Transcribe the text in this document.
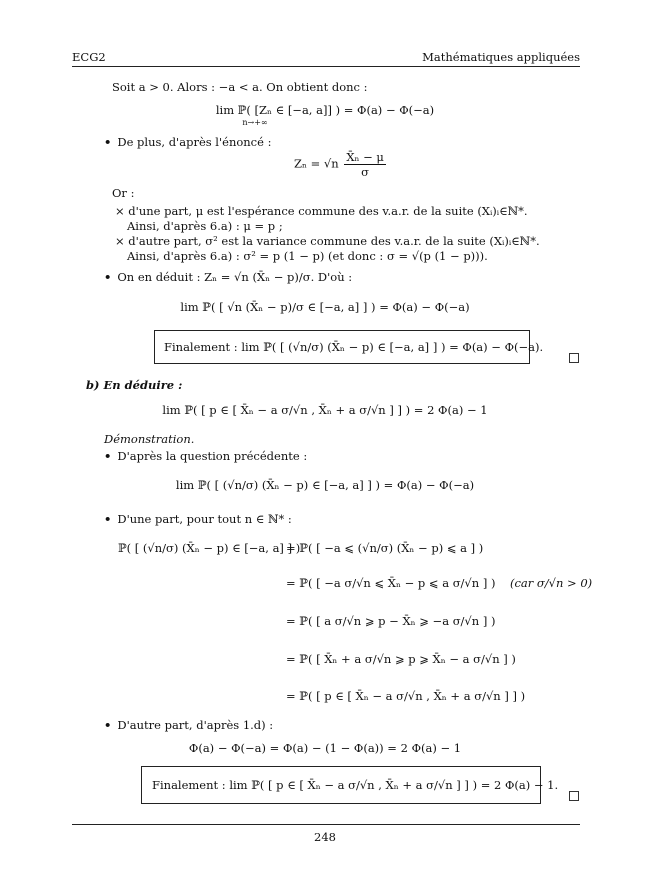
ECG2	Mathématiques appliquées
Soit a > 0. Alors : −a < a. On obtient donc :
lim ℙ( [Zₙ ∈ [−a, a]] ) = Φ(a) − Φ(−a)
n→+∞
• De plus, d'après l'énoncé :
$Z_n = √n \frac{\text{X̄ₙ − μ}}{\sigma}$
Or :
× d'une part, μ est l'espérance commune des v.a.r. de la suite (Xᵢ)ᵢ∈ℕ*.
Ainsi, d'après 6.a) : μ = p ;
× d'autre part, σ² est la variance commune des v.a.r. de la suite (Xᵢ)ᵢ∈ℕ*.
Ainsi, d'après 6.a) : σ² = p (1 − p) (et donc : σ = √(p (1 − p))).
• On en déduit : Zₙ = √n (X̄ₙ − p)/σ. D'où :
lim ℙ( [ √n (X̄ₙ − p)/σ ∈ [−a, a] ] ) = Φ(a) − Φ(−a)
Finalement : lim ℙ( [ (√n/σ) (X̄ₙ − p) ∈ [−a, a] ] ) = Φ(a) − Φ(−a).
b) En déduire :
lim ℙ( [ p ∈ [ X̄ₙ − a σ/√n , X̄ₙ + a σ/√n ] ] ) = 2 Φ(a) − 1
Démonstration.
• D'après la question précédente :
lim ℙ( [ (√n/σ) (X̄ₙ − p) ∈ [−a, a] ] ) = Φ(a) − Φ(−a)
• D'une part, pour tout n ∈ ℕ* :
ℙ( [ (√n/σ) (X̄ₙ − p) ∈ [−a, a] ] )
= ℙ( [ −a ⩽ (√n/σ) (X̄ₙ − p) ⩽ a ] )
= ℙ( [ −a σ/√n ⩽ X̄ₙ − p ⩽ a σ/√n ] ) (car σ/√n > 0)
= ℙ( [ a σ/√n ⩾ p − X̄ₙ ⩾ −a σ/√n ] )
= ℙ( [ X̄ₙ + a σ/√n ⩾ p ⩾ X̄ₙ − a σ/√n ] )
= ℙ( [ p ∈ [ X̄ₙ − a σ/√n , X̄ₙ + a σ/√n ] ] )
• D'autre part, d'après 1.d) :
Φ(a) − Φ(−a) = Φ(a) − (1 − Φ(a)) = 2 Φ(a) − 1
Finalement : lim ℙ( [ p ∈ [ X̄ₙ − a σ/√n , X̄ₙ + a σ/√n ] ] ) = 2 Φ(a) − 1.
248
